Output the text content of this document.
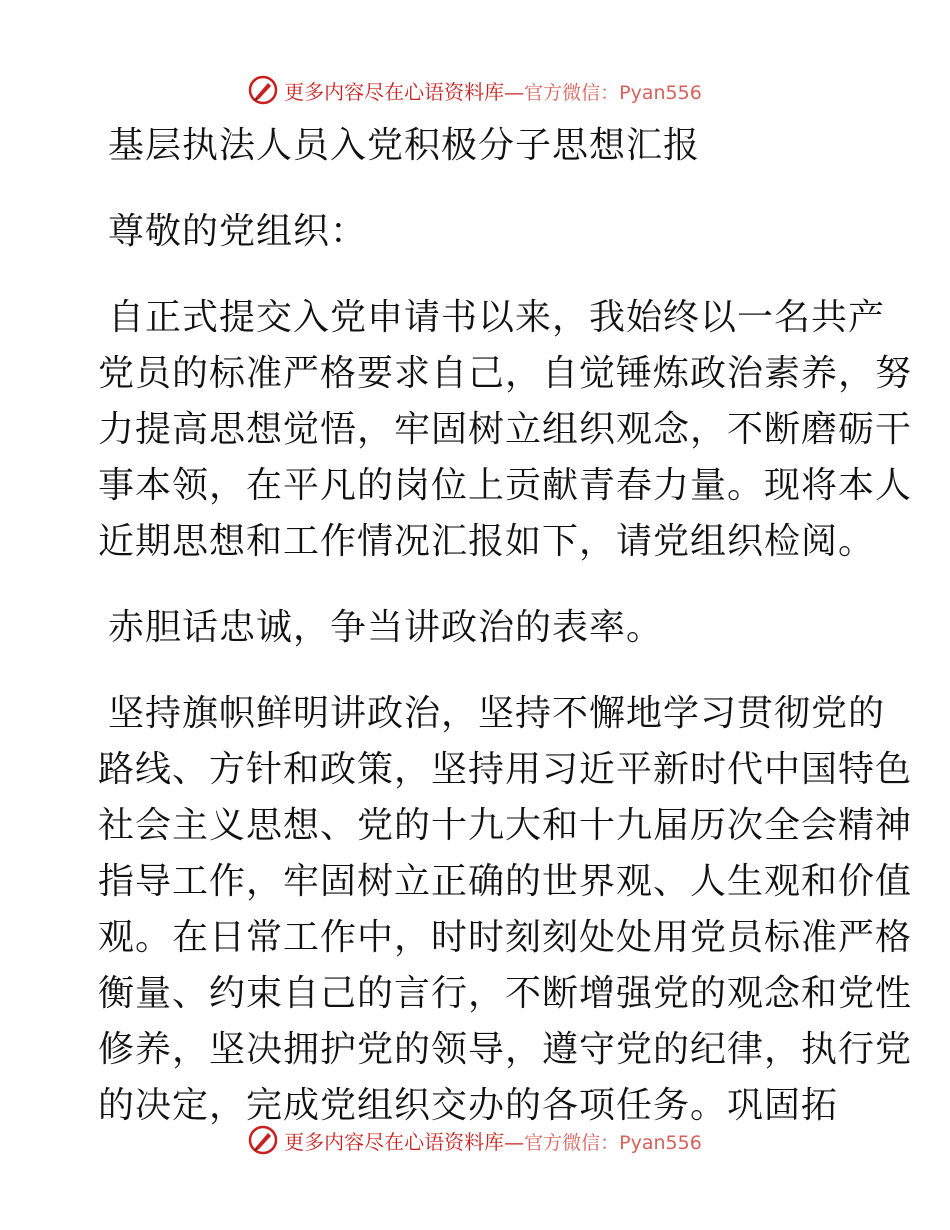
更多内容尽在心语资料库—官方微信：Pyan556
基层执法人员入党积极分子思想汇报
尊敬的党组织：
自正式提交入党申请书以来，我始终以一名共产
党员的标准严格要求自己，自觉锤炼政治素养，努
力提高思想觉悟，牢固树立组织观念，不断磨砺干
事本领，在平凡的岗位上贡献青春力量。现将本人
近期思想和工作情况汇报如下，请党组织检阅。
赤胆话忠诚，争当讲政治的表率。
坚持旗帜鲜明讲政治，坚持不懈地学习贯彻党的
路线、方针和政策，坚持用习近平新时代中国特色
社会主义思想、党的十九大和十九届历次全会精神
指导工作，牢固树立正确的世界观、人生观和价值
观。在日常工作中，时时刻刻处处用党员标准严格
衡量、约束自己的言行，不断增强党的观念和党性
修养，坚决拥护党的领导，遵守党的纪律，执行党
的决定，完成党组织交办的各项任务。巩固拓
更多内容尽在心语资料库—官方微信：Pyan556
